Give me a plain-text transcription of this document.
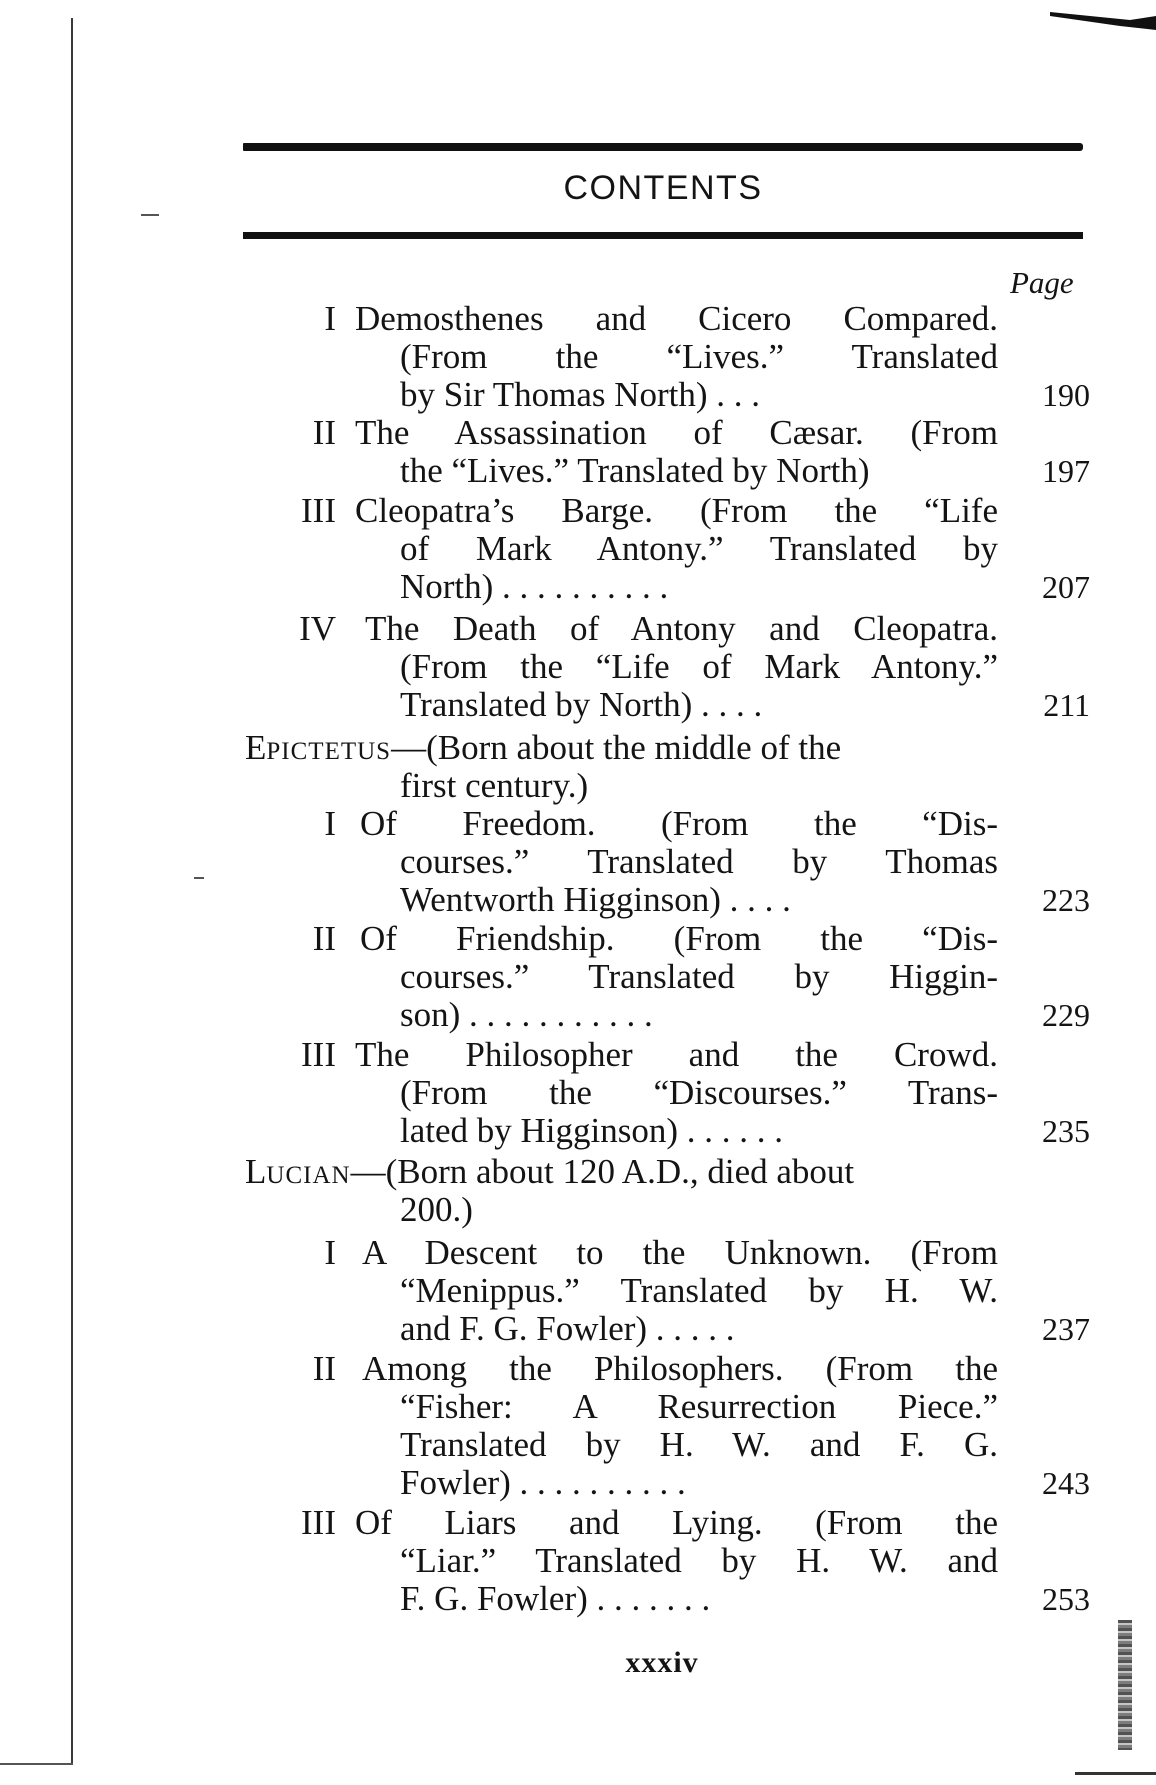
CONTENTS
Page
I Demosthenes and Cicero Compared.
(From the “Lives.” Translated
by Sir Thomas North) . . .	190
II The Assassination of Cæsar. (From
the “Lives.” Translated by North)	197
III Cleopatra’s Barge. (From the “Life
of Mark Antony.” Translated by
North) . . . . . . . . . .	207
IV The Death of Antony and Cleopatra.
(From the “Life of Mark Antony.”
Translated by North) . . . .	211
EPICTETUS—(Born about the middle of the
first century.)
I Of Freedom. (From the “Dis-
courses.” Translated by Thomas
Wentworth Higginson) . . . .	223
II Of Friendship. (From the “Dis-
courses.” Translated by Higgin-
son) . . . . . . . . . . .	229
III The Philosopher and the Crowd.
(From the “Discourses.” Trans-
lated by Higginson) . . . . . .	235
LUCIAN—(Born about 120 A.D., died about
200.)
I A Descent to the Unknown. (From
“Menippus.” Translated by H. W.
and F. G. Fowler) . . . . .	237
II Among the Philosophers. (From the
“Fisher: A Resurrection Piece.”
Translated by H. W. and F. G.
Fowler) . . . . . . . . . .	243
III Of Liars and Lying. (From the
“Liar.” Translated by H. W. and
F. G. Fowler) . . . . . . .	253
xxxiv
